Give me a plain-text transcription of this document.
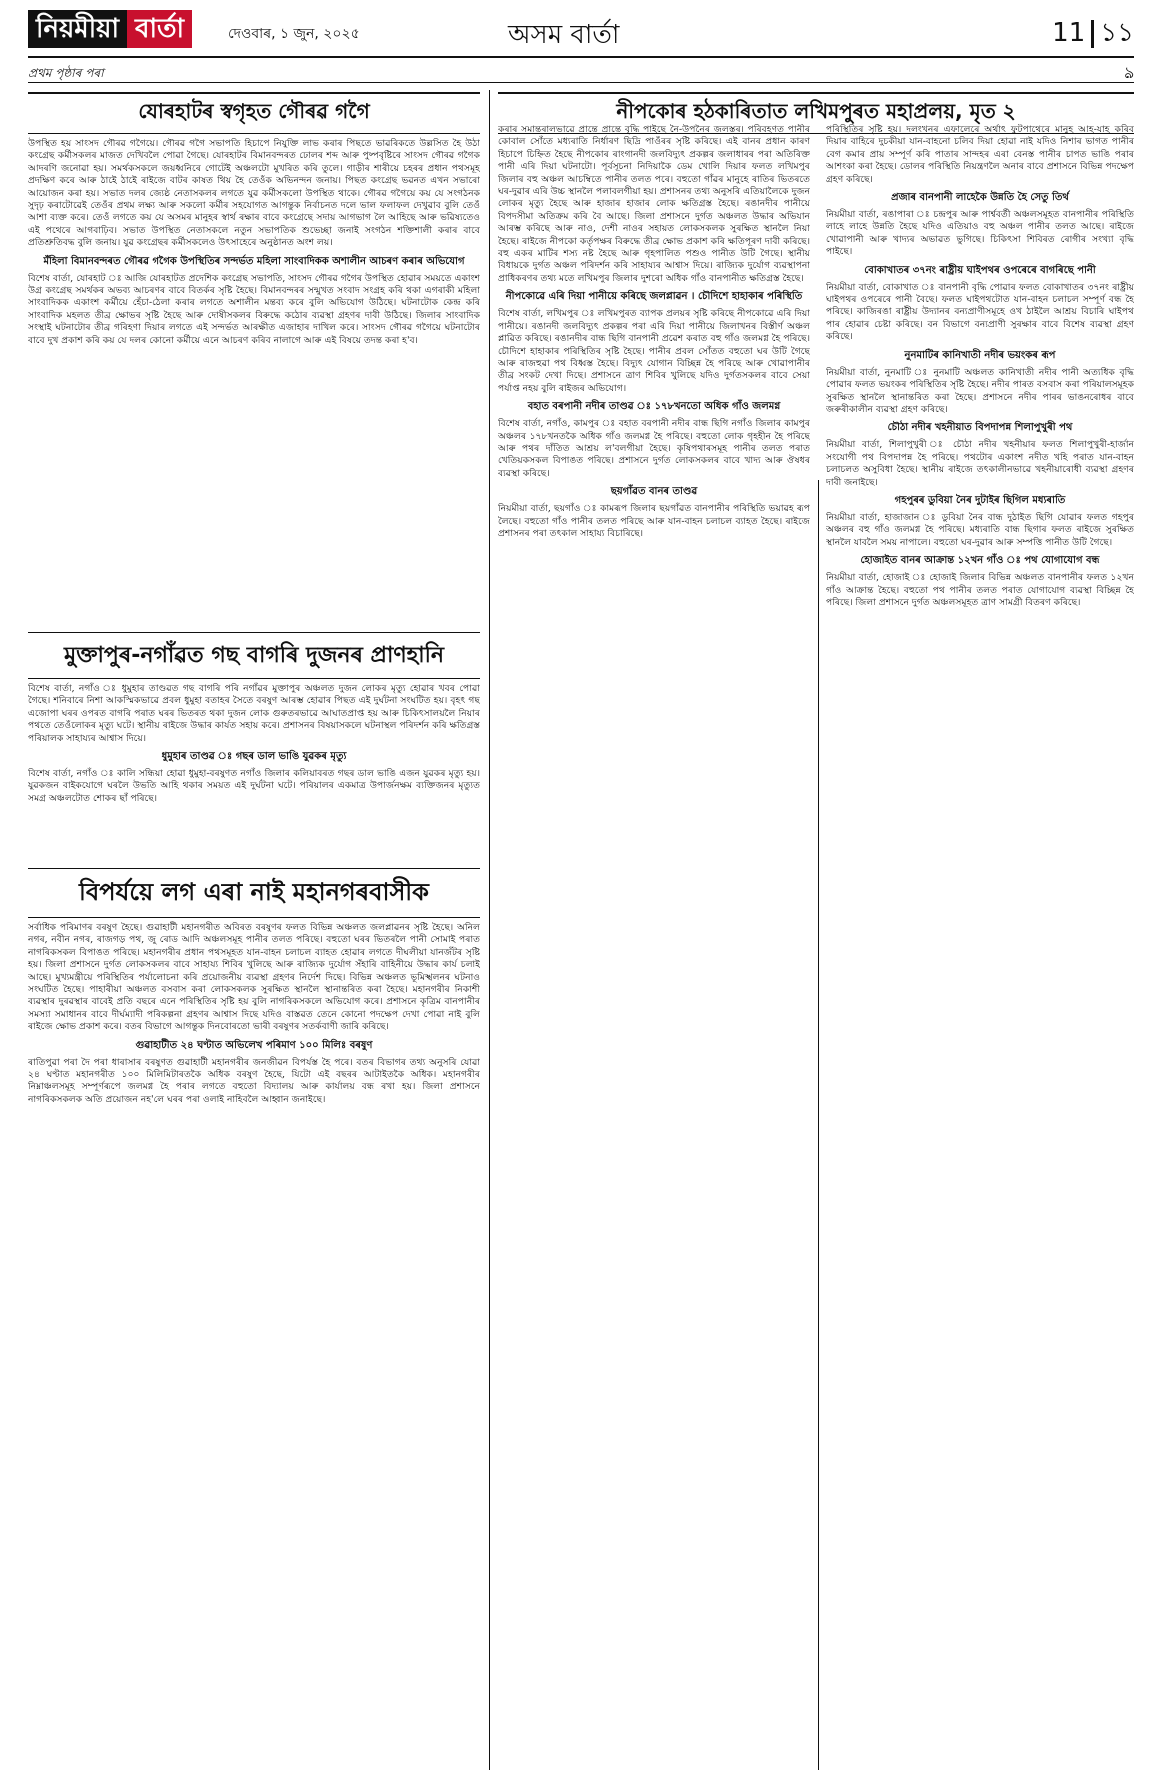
নিয়মীয়া বাৰ্তা	দেওবাৰ, ১ জুন, ২০২৫	অসম বাৰ্তা	11 ১১
প্ৰথম পৃষ্ঠাৰ পৰা	ঌ
যোৰহাটৰ স্বগৃহত গৌৰৱ গগৈ

উপস্থিত হয় সাংসদ গৌৰৱ গগৈয়ে। গৌৰৱ গগৈ সভাপতি হিচাপে নিযুক্তি লাভ কৰাৰ পিছতে ভাৱৰিকতে উল্লসিত হৈ উঠা কংগ্ৰেছ কৰ্মীসকলৰ মাজত দেখিবলৈ পোৱা গৈছে। যোৰহাটৰ বিমানবন্দৰত ঢোলৰ শব্দ আৰু পুষ্পবৃষ্টিৰে সাংসদ গৌৰৱ গগৈক আদৰণি জনোৱা হয়। সমৰ্থকসকলে জয়ধ্বনিৰে গোটেই অঞ্চলটো মুখৰিত কৰি তুলে। গাড়ীৰ শাৰীয়ে চহৰৰ প্ৰধান পথসমূহ প্ৰদক্ষিণ কৰে আৰু ঠাইে ঠাইে ৰাইজে বাটৰ কাষত থিয় হৈ তেওঁক অভিনন্দন জনায়। পিছত কংগ্ৰেছ ভৱনত এখন সভাৰো আয়োজন কৰা হয়। সভাত দলৰ জ্যেষ্ঠ নেতাসকলৰ লগতে যুৱ কৰ্মীসকলো উপস্থিত থাকে। গৌৰৱ গগৈয়ে কয় যে সংগঠনক সুদৃঢ় কৰাটোৱেই তেওঁৰ প্ৰথম লক্ষ্য আৰু সকলো কৰ্মীৰ সহযোগত আগন্তুক নিৰ্বাচনত দলে ভাল ফলাফল দেখুৱাব বুলি তেওঁ আশা ব্যক্ত কৰে। তেওঁ লগতে কয় যে অসমৰ মানুহৰ স্বাৰ্থ ৰক্ষাৰ বাবে কংগ্ৰেছে সদায় আগভাগ লৈ আহিছে আৰু ভৱিষ্যতেও এই পথেৰে আগবাঢ়িব। সভাত উপস্থিত নেতাসকলে নতুন সভাপতিক শুভেচ্ছা জনাই সংগঠন শক্তিশালী কৰাৰ বাবে প্ৰতিশ্ৰুতিবদ্ধ বুলি জনায়। যুৱ কংগ্ৰেছৰ কৰ্মীসকলেও উৎসাহেৰে অনুষ্ঠানত অংশ লয়।

মঁহিলা বিমানবন্দৰত গৌৰৱ গগৈক উপস্থিতিৰ সন্দৰ্ভত মহিলা সাংবাদিকক অশালীন আচৰণ কৰাৰ অভিযোগ

বিশেষ বাৰ্তা, যোৰহাট ঃ আজি যোৰহাটত প্ৰদেশিক কংগ্ৰেছ সভাপতি, সাংসদ গৌৰৱ গগৈৰ উপস্থিত হোৱাৰ সময়তে একাংশ উগ্ৰ কংগ্ৰেছ সমৰ্থকৰ অভব্য আচৰণৰ বাবে বিতৰ্কৰ সৃষ্টি হৈছে। বিমানবন্দৰৰ সন্মুখত সংবাদ সংগ্ৰহ কৰি থকা এগৰাকী মহিলা সাংবাদিকক একাংশ কৰ্মীয়ে হেঁচা-ঠেলা কৰাৰ লগতে অশালীন মন্তব্য কৰে বুলি অভিযোগ উঠিছে। ঘটনাটোক কেন্দ্ৰ কৰি সাংবাদিক মহলত তীব্ৰ ক্ষোভৰ সৃষ্টি হৈছে আৰু দোষীসকলৰ বিৰুদ্ধে কঠোৰ ব্যৱস্থা গ্ৰহণৰ দাবী উঠিছে। জিলাৰ সাংবাদিক সংস্থাই ঘটনাটোৰ তীব্ৰ গৰিহণা দিয়াৰ লগতে এই সন্দৰ্ভত আৰক্ষীত এজাহাৰ দাখিল কৰে। সাংসদ গৌৰৱ গগৈয়ে ঘটনাটোৰ বাবে দুখ প্ৰকাশ কৰি কয় যে দলৰ কোনো কৰ্মীয়ে এনে আচৰণ কৰিব নালাগে আৰু এই বিষয়ে তদন্ত কৰা হ'ব।

মুক্তাপুৰ-নগাঁৱত গছ বাগৰি দুজনৰ প্ৰাণহানি

বিশেষ বাৰ্তা, নগাঁও ঃ ধুমুহাৰ তাণ্ডৱত গছ বাগৰি পৰি নগাঁৱৰ মুক্তাপুৰ অঞ্চলত দুজন লোকৰ মৃত্যু হোৱাৰ খবৰ পোৱা গৈছে। শনিবাৰে নিশা আকস্মিকভাৱে প্ৰবল ধুমুহা বতাহৰ সৈতে বৰষুণ আৰম্ভ হোৱাৰ পিছত এই দুৰ্ঘটনা সংঘটিত হয়। বৃহৎ গছ এজোপা ঘৰৰ ওপৰত বাগৰি পৰাত ঘৰৰ ভিতৰত থকা দুজন লোক গুৰুতৰভাৱে আঘাতপ্ৰাপ্ত হয় আৰু চিকিৎসালয়লৈ নিয়াৰ পথতে তেওঁলোকৰ মৃত্যু ঘটে। স্থানীয় ৰাইজে উদ্ধাৰ কাৰ্যত সহায় কৰে। প্ৰশাসনৰ বিষয়াসকলে ঘটনাস্থল পৰিদৰ্শন কৰি ক্ষতিগ্ৰস্ত পৰিয়ালক সাহায্যৰ আশ্বাস দিয়ে।

ধুমুহাৰ তাণ্ডৱ ঃ গছৰ ডাল ভাঙি যুৱকৰ মৃত্যু

বিশেষ বাৰ্তা, নগাঁও ঃ কালি সন্ধিয়া হোৱা ধুমুহা-বৰষুণত নগাঁও জিলাৰ কলিয়াবৰত গছৰ ডাল ভাঙি এজন যুৱকৰ মৃত্যু হয়। যুৱকজন বাইকযোগে ঘৰলৈ উভতি আহি থকাৰ সময়ত এই দুৰ্ঘটনা ঘটে। পৰিয়ালৰ একমাত্ৰ উপাৰ্জনক্ষম ব্যক্তিজনৰ মৃত্যুত সমগ্ৰ অঞ্চলটোত শোকৰ ছাঁ পৰিছে।

বিপৰ্যয়ে লগ এৰা নাই মহানগৰবাসীক

সৰ্বাধিক পৰিমাণৰ বৰষুণ হৈছে। গুৱাহাটী মহানগৰীত অবিৰত বৰষুণৰ ফলত বিভিন্ন অঞ্চলত জলপ্লাৱনৰ সৃষ্টি হৈছে। অনিল নগৰ, নবীন নগৰ, ৰাজগড় পথ, জু ৰোড আদি অঞ্চলসমূহ পানীৰ তলত পৰিছে। বহুতো ঘৰৰ ভিতৰলৈ পানী সোমাই পৰাত নাগৰিকসকল বিপাঙত পৰিছে। মহানগৰীৰ প্ৰধান পথসমূহত যান-বাহন চলাচল ব্যাহত হোৱাৰ লগতে দীঘলীয়া যানজঁটৰ সৃষ্টি হয়। জিলা প্ৰশাসনে দুৰ্গত লোকসকলৰ বাবে সাহায্য শিবিৰ খুলিছে আৰু ৰাজ্যিক দুৰ্যোগ সঁহাৰি বাহিনীয়ে উদ্ধাৰ কাৰ্য চলাই আছে। মুখ্যমন্ত্ৰীয়ে পৰিস্থিতিৰ পৰ্যালোচনা কৰি প্ৰয়োজনীয় ব্যৱস্থা গ্ৰহণৰ নিৰ্দেশ দিছে। বিভিন্ন অঞ্চলত ভূমিস্খলনৰ ঘটনাও সংঘটিত হৈছে। পাহাৰীয়া অঞ্চলত বসবাস কৰা লোকসকলক সুৰক্ষিত স্থানলৈ স্থানান্তৰিত কৰা হৈছে। মহানগৰীৰ নিকাশী ব্যৱস্থাৰ দুৰৱস্থাৰ বাবেই প্ৰতি বছৰে এনে পৰিস্থিতিৰ সৃষ্টি হয় বুলি নাগৰিকসকলে অভিযোগ কৰে। প্ৰশাসনে কৃত্ৰিম বানপানীৰ সমস্যা সমাধানৰ বাবে দীৰ্ঘম্যাদী পৰিকল্পনা গ্ৰহণৰ আশ্বাস দিছে যদিও বাস্তৱত তেনে কোনো পদক্ষেপ দেখা পোৱা নাই বুলি ৰাইজে ক্ষোভ প্ৰকাশ কৰে। বতৰ বিভাগে আগন্তুক দিনবোৰতো ভাৰী বৰষুণৰ সতৰ্কবাণী জাৰি কৰিছে।

গুৱাহাটীত ২৪ ঘণ্টাত অভিলেখ পৰিমাণ ১০০ মিলিঃ বৰষুণ

ৰাতিপুৱা পৰা দৈ পৰা ধাৰাসাৰ বৰষুণত গুৱাহাটী মহানগৰীৰ জনজীৱন বিপৰ্যস্ত হৈ পৰে। বতৰ বিভাগৰ তথ্য অনুসৰি যোৱা ২৪ ঘণ্টাত মহানগৰীত ১০০ মিলিমিটাৰতকৈ অধিক বৰষুণ হৈছে, যিটো এই বছৰৰ আটাইতকৈ অধিক। মহানগৰীৰ নিম্নাঞ্চলসমূহ সম্পূৰ্ণৰূপে জলমগ্ন হৈ পৰাৰ লগতে বহুতো বিদ্যালয় আৰু কাৰ্যালয় বন্ধ ৰখা হয়। জিলা প্ৰশাসনে নাগৰিকসকলক অতি প্ৰয়োজন নহ'লে ঘৰৰ পৰা ওলাই নাহিবলৈ আহ্বান জনাইছে।

নীপকোৰ হঠকাৰিতাত লখিমপুৰত মহাপ্ৰলয়, মৃত ২

কৰাৰ সমান্তৰালভাৱে প্ৰান্তে প্ৰান্তে বৃদ্ধি পাইছে নৈ-উপনৈৰ জলস্তৰ। পৰিবহণত পানীৰ কোবাল সোঁতে মধ্যৰাতি নিৰ্ধাৰণ ছিদ্ৰি পাওঁৰৰ সৃষ্টি কৰিছে। এই বানৰ প্ৰধান কাৰণ হিচাপে চিহ্নিত হৈছে নীপকোৰ ৰাংগানদী জলবিদ্যুৎ প্ৰকল্পৰ জলাধাৰৰ পৰা অতিৰিক্ত পানী এৰি দিয়া ঘটনাটো। পূৰ্বসূচনা নিদিয়াকৈ ডেম খোলি দিয়াৰ ফলত লখিমপুৰ জিলাৰ বহু অঞ্চল আচম্বিতে পানীৰ তলত পৰে। বহুতো গাঁৱৰ মানুহে ৰাতিৰ ভিতৰতে ঘৰ-দুৱাৰ এৰি উচ্চ স্থানলৈ পলাবলগীয়া হয়। প্ৰশাসনৰ তথ্য অনুসৰি এতিয়ালৈকে দুজন লোকৰ মৃত্যু হৈছে আৰু হাজাৰ হাজাৰ লোক ক্ষতিগ্ৰস্ত হৈছে। ৰঙানদীৰ পানীয়ে বিপদসীমা অতিক্ৰম কৰি বৈ আছে। জিলা প্ৰশাসনে দুৰ্গত অঞ্চলত উদ্ধাৰ অভিযান আৰম্ভ কৰিছে আৰু নাও, দেশী নাওৰ সহায়ত লোকসকলক সুৰক্ষিত স্থানলৈ নিয়া হৈছে। ৰাইজে নীপকো কৰ্তৃপক্ষৰ বিৰুদ্ধে তীব্ৰ ক্ষোভ প্ৰকাশ কৰি ক্ষতিপূৰণ দাবী কৰিছে। বহু একৰ মাটিৰ শস্য নষ্ট হৈছে আৰু গৃহপালিত পশুও পানীত উটি গৈছে। স্থানীয় বিধায়কে দুৰ্গত অঞ্চল পৰিদৰ্শন কৰি সাহায্যৰ আশ্বাস দিয়ে। ৰাজ্যিক দুৰ্যোগ ব্যৱস্থাপনা প্ৰাধিকৰণৰ তথ্য মতে লখিমপুৰ জিলাৰ দুশৰো অধিক গাঁও বানপানীত ক্ষতিগ্ৰস্ত হৈছে।

নীপকোৱে এৰি দিয়া পানীয়ে কৰিছে জলপ্লাৱন । চৌদিশে হাহাকাৰ পৰিস্থিতি

বিশেষ বাৰ্তা, লখিমপুৰ ঃ লখিমপুৰত ব্যাপক প্ৰলয়ৰ সৃষ্টি কৰিছে নীপকোৱে এৰি দিয়া পানীয়ে। ৰঙানদী জলবিদ্যুৎ প্ৰকল্পৰ পৰা এৰি দিয়া পানীয়ে জিলাখনৰ বিস্তীৰ্ণ অঞ্চল প্লাৱিত কৰিছে। ৰঙানদীৰ বান্ধ ছিগি বানপানী প্ৰৱেশ কৰাত বহু গাঁও জলমগ্ন হৈ পৰিছে। চৌদিশে হাহাকাৰ পৰিস্থিতিৰ সৃষ্টি হৈছে। পানীৰ প্ৰবল সোঁতত বহুতো ঘৰ উটি গৈছে আৰু ৰাজহুৱা পথ বিধ্বস্ত হৈছে। বিদ্যুৎ যোগান বিচ্ছিন্ন হৈ পৰিছে আৰু খোৱাপানীৰ তীব্ৰ সংকট দেখা দিছে। প্ৰশাসনে ত্ৰাণ শিবিৰ খুলিছে যদিও দুৰ্গতসকলৰ বাবে সেয়া পৰ্যাপ্ত নহয় বুলি ৰাইজৰ অভিযোগ।

বহাত বৰপানী নদীৰ তাণ্ডৱ ঃ ১৭৮খনতো অধিক গাঁও জলমগ্ন

বিশেষ বাৰ্তা, নগাঁও, কামপুৰ ঃ বহাত বৰপানী নদীৰ বান্ধ ছিগি নগাঁও জিলাৰ কামপুৰ অঞ্চলৰ ১৭৮খনতকৈ অধিক গাঁও জলমগ্ন হৈ পৰিছে। বহুতো লোক গৃহহীন হৈ পৰিছে আৰু পথৰ দাঁতিত আশ্ৰয় ল'বলগীয়া হৈছে। কৃষিপথাৰসমূহ পানীৰ তলত পৰাত খেতিয়কসকল বিপাঙত পৰিছে। প্ৰশাসনে দুৰ্গত লোকসকলৰ বাবে খাদ্য আৰু ঔষধৰ ব্যৱস্থা কৰিছে।

ছয়গাঁৱত বানৰ তাণ্ডৱ

নিয়মীয়া বাৰ্তা, ছয়গাঁও ঃ কামৰূপ জিলাৰ ছয়গাঁৱত বানপানীৰ পৰিস্থিতি ভয়াৱহ ৰূপ লৈছে। বহুতো গাঁও পানীৰ তলত পৰিছে আৰু যান-বাহন চলাচল ব্যাহত হৈছে। ৰাইজে প্ৰশাসনৰ পৰা তৎকাল সাহায্য বিচাৰিছে।

পৰিস্থিতিৰ সৃষ্টি হয়। দলংখনৰ এফালেৰে অৰ্থাৎ ফুটপাথেৰে মানুহ আহ-যাহ কৰিব দিয়াৰ বাহিৰে দুচকীয়া যান-বাহনো চলিব দিয়া হোৱা নাই যদিও নিশাৰ ভাগত পানীৰ বেগ কমাৰ প্ৰায় সম্পূৰ্ণ কৰি পাতাৰ সান্দহৰ এৰা বেনস্ত পানীৰ চাপত ভাঙি পৰাৰ আশংকা কৰা হৈছে। ডোলৰ পৰিস্থিতি নিয়ন্ত্ৰণলৈ অনাৰ বাবে প্ৰশাসনে বিভিন্ন পদক্ষেপ গ্ৰহণ কৰিছে।

প্ৰজাৰ বানপানী লাহেকৈ উন্নতি হৈ সেতু তিৰ্থ

নিয়মীয়া বাৰ্তা, ৰঙাপাৰা ঃ চন্দ্ৰপুৰ আৰু পাৰ্শ্ববৰ্তী অঞ্চলসমূহত বানপানীৰ পৰিস্থিতি লাহে লাহে উন্নতি হৈছে যদিও এতিয়াও বহু অঞ্চল পানীৰ তলত আছে। ৰাইজে খোৱাপানী আৰু খাদ্যৰ অভাৱত ভুগিছে। চিকিৎসা শিবিৰত ৰোগীৰ সংখ্যা বৃদ্ধি পাইছে।

বোকাখাতৰ ৩৭নং ৰাষ্ট্ৰীয় ঘাইপথৰ ওপৰেৰে বাগৰিছে পানী

নিয়মীয়া বাৰ্তা, বোকাখাত ঃ বানপানী বৃদ্ধি পোৱাৰ ফলত বোকাখাতৰ ৩৭নং ৰাষ্ট্ৰীয় ঘাইপথৰ ওপৰেৰে পানী বৈছে। ফলত ঘাইপথটোত যান-বাহন চলাচল সম্পূৰ্ণ বন্ধ হৈ পৰিছে। কাজিৰঙা ৰাষ্ট্ৰীয় উদ্যানৰ বন্যপ্ৰাণীসমূহে ওখ ঠাইলৈ আশ্ৰয় বিচাৰি ঘাইপথ পাৰ হোৱাৰ চেষ্টা কৰিছে। বন বিভাগে বন্যপ্ৰাণী সুৰক্ষাৰ বাবে বিশেষ ব্যৱস্থা গ্ৰহণ কৰিছে।

নুনমাটিৰ কানিখাতী নদীৰ ভয়ংকৰ ৰূপ

নিয়মীয়া বাৰ্তা, নুনমাটি ঃ নুনমাটি অঞ্চলত কানিখাতী নদীৰ পানী অত্যধিক বৃদ্ধি পোৱাৰ ফলত ভয়ংকৰ পৰিস্থিতিৰ সৃষ্টি হৈছে। নদীৰ পাৰত বসবাস কৰা পৰিয়ালসমূহক সুৰক্ষিত স্থানলৈ স্থানান্তৰিত কৰা হৈছে। প্ৰশাসনে নদীৰ পাৰৰ ভাঙনৰোধৰ বাবে জৰুৰীকালীন ব্যৱস্থা গ্ৰহণ কৰিছে।

চৌঠা নদীৰ খহনীয়াত বিপদাপন্ন শিলাপুখুৰী পথ

নিয়মীয়া বাৰ্তা, শিলাপুখুৰী ঃ চৌঠা নদীৰ খহনীয়াৰ ফলত শিলাপুখুৰী-হাৰ্জান সংযোগী পথ বিপদাপন্ন হৈ পৰিছে। পথটোৰ একাংশ নদীত খহি পৰাত যান-বাহন চলাচলত অসুবিধা হৈছে। স্থানীয় ৰাইজে তৎকালীনভাৱে খহনীয়াৰোধী ব্যৱস্থা গ্ৰহণৰ দাবী জনাইছে।

গহপুৰৰ ডুবিয়া নৈৰ দুটাইৰ ছিগিল মধ্যৰাতি

নিয়মীয়া বাৰ্তা, হাজাজান ঃ ডুবিয়া নৈৰ বান্ধ দুঠাইত ছিগি যোৱাৰ ফলত গহপুৰ অঞ্চলৰ বহু গাঁও জলমগ্ন হৈ পৰিছে। মধ্যৰাতি বান্ধ ছিগাৰ ফলত ৰাইজে সুৰক্ষিত স্থানলৈ যাবলৈ সময় নাপালে। বহুতো ঘৰ-দুৱাৰ আৰু সম্পত্তি পানীত উটি গৈছে।

হোজাইত বানৰ আক্ৰান্ত ১২খন গাঁও ঃ পথ যোগাযোগ বন্ধ

নিয়মীয়া বাৰ্তা, হোজাই ঃ হোজাই জিলাৰ বিভিন্ন অঞ্চলত বানপানীৰ ফলত ১২খন গাঁও আক্ৰান্ত হৈছে। বহুতো পথ পানীৰ তলত পৰাত যোগাযোগ ব্যৱস্থা বিচ্ছিন্ন হৈ পৰিছে। জিলা প্ৰশাসনে দুৰ্গত অঞ্চলসমূহত ত্ৰাণ সামগ্ৰী বিতৰণ কৰিছে।
